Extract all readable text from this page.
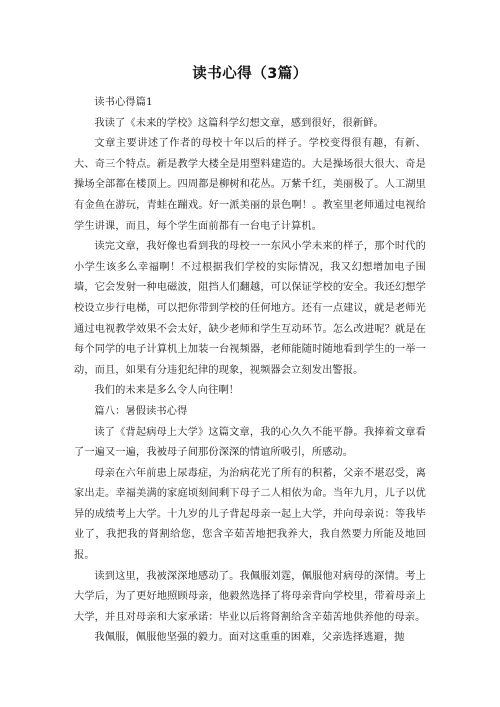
读书心得（3篇）

读书心得篇1

我读了《未来的学校》这篇科学幻想文章，感到很好，很新鲜。

文章主要讲述了作者的母校十年以后的样子。学校变得很有趣，有新、大、奇三个特点。新是教学大楼全是用塑料建造的。大是操场很大很大、奇是操场全部都在楼顶上。四周都是柳树和花丛。万紫千红，美丽极了。人工湖里有金鱼在游玩，青蛙在蹦戏。好一派美丽的景色啊！。教室里老师通过电视给学生讲课，而且，每个学生面前都有一台电子计算机。

读完文章，我好像也看到我的母校一一东风小学未来的样子，那个时代的小学生该多么幸福啊！不过根据我们学校的实际情况，我又幻想增加电子围墙，它会发射一种电磁波，阻挡人们翻越，可以保证学校的安全。我还幻想学校设立步行电梯，可以把你带到学校的任何地方。还有一点建议，就是老师光通过电视教学效果不会太好，缺少老师和学生互动环节。怎么改进呢？就是在每个同学的电子计算机上加装一台视频器，老师能随时随地看到学生的一举一动，而且，如果有分违犯纪律的现象，视频器会立刻发出警报。

我们的未来是多么令人向往啊！

篇八：暑假读书心得

读了《背起病母上大学》这篇文章，我的心久久不能平静。我捧着文章看了一遍又一遍，我被母子间那份深深的情谊所吸引，所感动。

母亲在六年前患上尿毒症，为治病花光了所有的积蓄，父亲不堪忍受，离家出走。幸福美满的家庭顷刻间剩下母子二人相依为命。当年九月，儿子以优异的成绩考上大学。十九岁的儿子背起母亲一起上大学，并向母亲说：等我毕业了，我把我的肾割给您，您含辛茹苦地把我养大，我自然要力所能及地回报。

读到这里，我被深深地感动了。我佩服刘霆，佩服他对病母的深情。考上大学后，为了更好地照顾母亲，他毅然选择了将母亲背向学校里，带着母亲上大学，并且对母亲和大家承诺：毕业以后将肾割给含辛茹苦地供养他的母亲。

我佩服，佩服他坚强的毅力。面对这重重的困难，父亲选择逃避，抛
